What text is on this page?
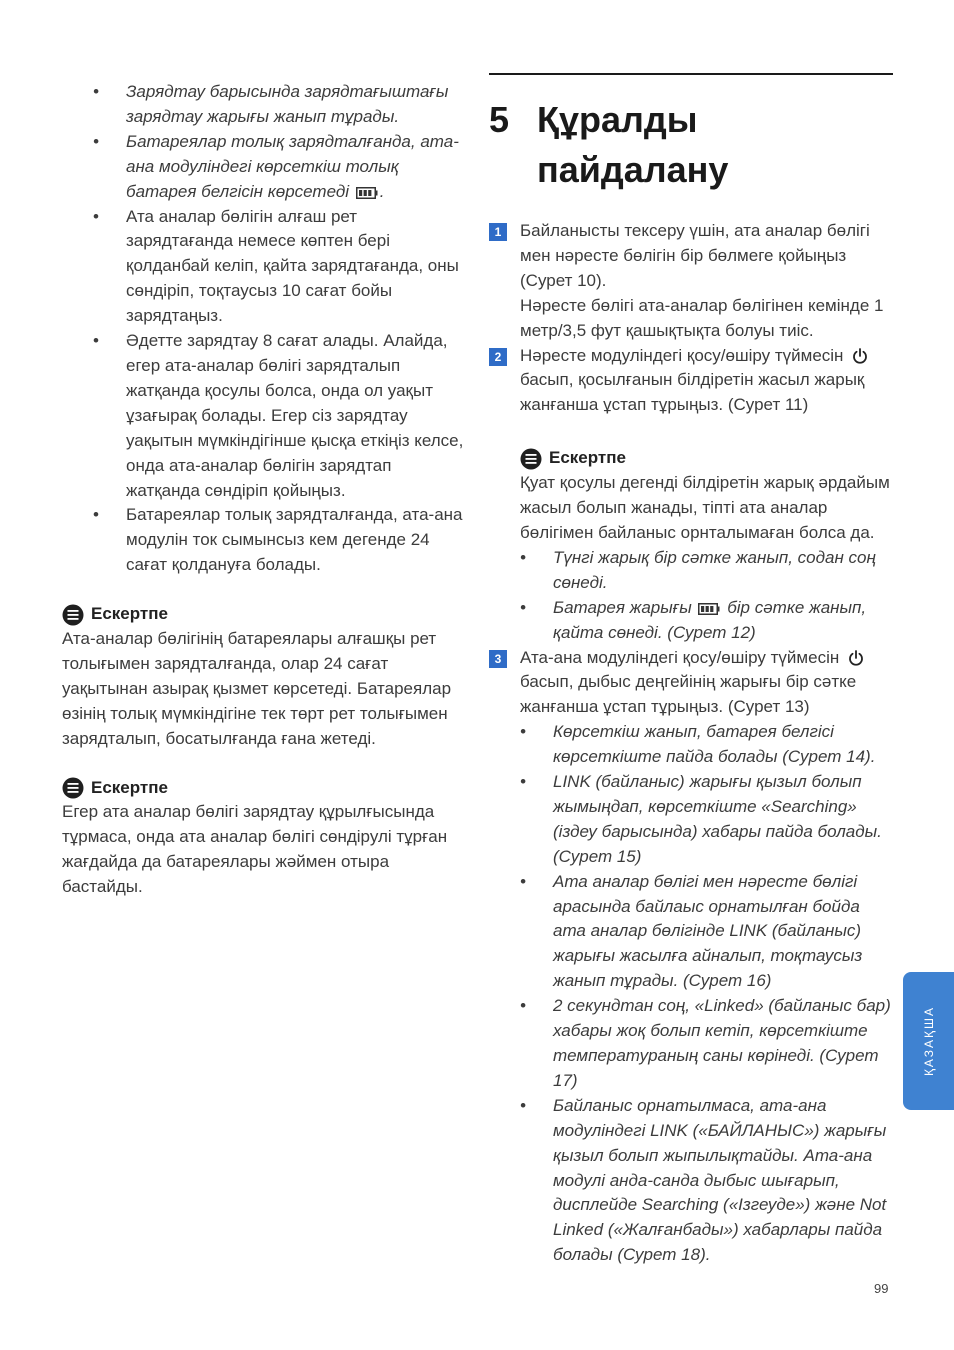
• Зарядтау барысында зарядтағыштағы зарядтау жарығы жанып тұрады.
• Батареялар толық зарядталғанда, ата-ана модуліндегі көрсеткіш толық батарея белгісін көрсетеді .
• Ата аналар бөлігін алғаш рет зарядтағанда немесе көптен бері қолданбай келіп, қайта зарядтағанда, оны сөндіріп, тоқтаусыз 10 сағат бойы зарядтаңыз.
• Әдетте зарядтау 8 сағат алады. Алайда, егер ата-аналар бөлігі зарядталып жатқанда қосулы болса, онда ол уақыт ұзағырақ болады. Егер сіз зарядтау уақытын мүмкіндігінше қысқа еткіңіз келсе, онда ата-аналар бөлігін зарядтап жатқанда сөндіріп қойыңыз.
• Батареялар толық зарядталғанда, ата-ана модулін ток сымынсыз кем дегенде 24 сағат қолдануға болады.
Ескертпе

Ата-аналар бөлігінің батареялары алғашқы рет толығымен зарядталғанда, олар 24 сағат уақытынан азырақ қызмет көрсетеді. Батареялар өзінің толық мүмкіндігіне тек төрт рет толығымен зарядталып, босатылғанда ғана жетеді.

Ескертпе

Егер ата аналар бөлігі зарядтау құрылғысында тұрмаса, онда ата аналар бөлігі сөндірулі тұрған жағдайда да батареялары жәймен отыра бастайды.

5 Құралды пайдалану
1	Байланысты тексеру үшін, ата аналар бөлігі мен нәресте бөлігін бір бөлмеге қойыңыз (Сурет 10).

Нәресте бөлігі ата-аналар бөлігінен кемінде 1 метр/3,5 фут қашықтықта болуы тиіс.

2	Нәресте модуліндегі қосу/өшіру түймесін  басып, қосылғанын білдіретін жасыл жарық жанғанша ұстап тұрыңыз. (Сурет 11)

Ескертпе

Қуат қосулы дегенді білдіретін жарық әрдайым жасыл болып жанады, тіпті ата аналар бөлігімен байланыс орнталымаған болса да.

• Түнгі жарық бір сәтке жанып, содан соң сөнеді.
• Батарея жарығы бір сәтке жанып, қайта сөнеді. (Сурет 12)
3	Ата-ана модуліндегі қосу/өшіру түймесін  басып, дыбыс деңгейінің жарығы бір сәтке жанғанша ұстап тұрыңыз. (Сурет 13)

• Көрсеткіш жанып, батарея белгісі көрсеткіште пайда болады (Сурет 14).
• LINK (байланыс) жарығы қызыл болып жымыңдап, көрсеткіште «Searching» (іздеу барысында) хабары пайда болады. (Сурет 15)
• Ата аналар бөлігі мен нәресте бөлігі арасында байлаыс орнатылған бойда ата аналар бөлігінде LINK (байланыс) жарығы жасылға айналып, тоқтаусыз жанып тұрады. (Сурет 16)
• 2 секундтан соң, «Linked» (байланыс бар) хабары жоқ болып кетіп, көрсеткіште температураның саны көрінеді. (Сурет 17)
• Байланыс орнатылмаса, ата-ана модуліндегі LINK («БАЙЛАНЫС») жарығы қызыл болып жыпылықтайды. Ата-ана модулі анда-санда дыбыс шығарып, дисплейде Searching («Ізгеуде») және Not Linked («Жалғанбады») хабарлары пайда болады (Сурет 18).
ҚАЗАҚША
99
